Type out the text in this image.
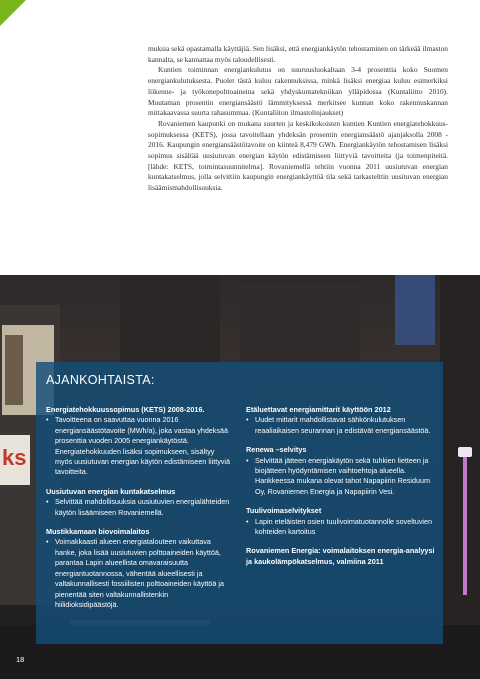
muksia sekä opastamalla käyttäjiä. Sen lisäksi, että energiankäytön tehostaminen on tärkeää ilmaston kannalta, se kannattaa myös taloudellisesti.

Kuntien toiminnan energiankulutus on suuruusluokaltaan 3-4 prosenttia koko Suomen energiankulutuksesta. Puolet tästä kuluu rakennuksissa, minkä lisäksi energiaa kuluu esimerkiksi liikenne- ja työkonepolttoaineina sekä yhdyskuntatekniikan ylläpidossa (Kuntaliitto 2010). Muutaman prosentin energiansäästö lämmityksessä merkitsee kunnan koko rakennuskannan mittakaavassa suurta rahasummaa. (Kuntaliiton ilmastolinjaukset)

Rovaniemen kaupunki on mukana suurten ja keskikokoisten kuntien Kuntien energiatehokkuus- sopimuksessa (KETS), jossa tavoitellaan yhdeksän prosentin energiansäästö ajanjaksolla 2008 - 2016. Kaupungin energiansäästötavoite on kiinteä 8,479 GWh. Energiankäytön tehostamisen lisäksi sopimus sisältää uusiutuvan energian käytön edistämiseen liittyviä tavoitteita (ja toimenpiteitä. [lähde: KETS, toimintasuunnitelma]. Rovaniemellä tehtiin vuonna 2011 uusiutuvan energian kuntakatselmus, jolla selvittiin kaupungin energiankäyttöä tila sekä tarkastelttin uusituvan energian lisäämismahdollisuuksia.

ks
AJANKOHTAISTA:
Energiatehokkuussopimus (KETS) 2008-2016.
• Tavoitteena on saavuttaa vuonna 2016 energiansäästötavoite (MWh/a), joka vastaa yhdeksää prosenttia vuoden 2005 energiankäytöstä. Energiatehokkuuden lisäksi sopimukseen, sisältyy myös uusiutuvan energian käytön edistämiseen liittyviä tavoitteita.
Uusiutuvan energian kuntakatselmus
• Selvittää mahdollisuuksia uusiutuvien energialähteiden käytön lisäämiseen Rovaniemellä.
Mustikkamaan biovoimalaitos
• Voimakkaasti alueen energiatalouteen vaikuttava hanke, joka lisää uusiutuvien polttoaineiden käyttöä, parantaa Lapin alueellista omavaraisuutta energiantuotannossa, vähentää alueellisesti ja valtakunnallisesti fossiilisten polttoaineiden käyttöä ja pienentää siten valtakunnallistenkin hiilidioksidipäästöjä.
Etäluettavat energiamittarit käyttöön 2012
• Uudet mittarit mahdollistavat sähkönkulutuksen reaaliaikaisen seurannan ja edistävät energiansäästöä.
Renewa –selvitys
• Selvittää jätteen energiakäytön sekä tuhkien lietteen ja biojätteen hyödyntämisen vaihtoehtoja alueella. Hankkeessa mukana olevat tahot Napapiirin Residuum Oy, Rovaniemen Energia ja Napapiirin Vesi.
Tuulivoimaselvitykset
• Lapin eteläisten osien tuulivoimatuotannolle soveltuvien kohteiden kartoitus
Rovaniemen Energia: voimalaitoksen energia-analyysi ja kaukolämpökatselmus, valmiina 2011
18
